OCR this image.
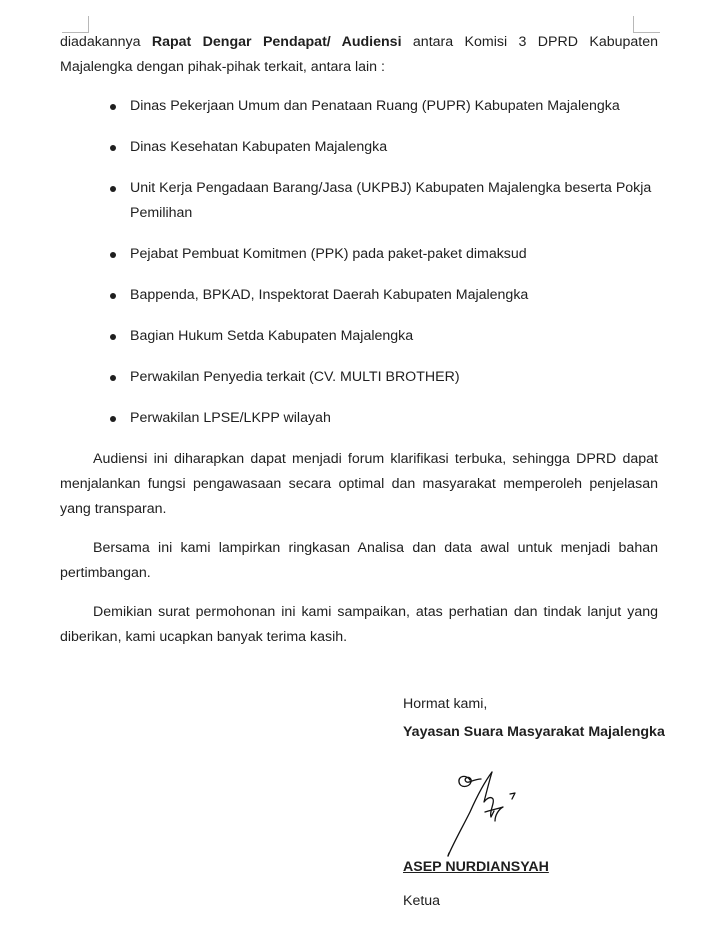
diadakannya Rapat Dengar Pendapat/ Audiensi antara Komisi 3 DPRD Kabupaten Majalengka dengan pihak-pihak terkait, antara lain :

Dinas Pekerjaan Umum dan Penataan Ruang (PUPR) Kabupaten Majalengka
Dinas Kesehatan Kabupaten Majalengka
Unit Kerja Pengadaan Barang/Jasa (UKPBJ) Kabupaten Majalengka beserta Pokja Pemilihan
Pejabat Pembuat Komitmen (PPK) pada paket-paket dimaksud
Bappenda, BPKAD, Inspektorat Daerah Kabupaten Majalengka
Bagian Hukum Setda Kabupaten Majalengka
Perwakilan Penyedia terkait (CV. MULTI BROTHER)
Perwakilan LPSE/LKPP wilayah

Audiensi ini diharapkan dapat menjadi forum klarifikasi terbuka, sehingga DPRD dapat menjalankan fungsi pengawasaan secara optimal dan masyarakat memperoleh penjelasan yang transparan.

Bersama ini kami lampirkan ringkasan Analisa dan data awal untuk menjadi bahan pertimbangan.

Demikian surat permohonan ini kami sampaikan, atas perhatian dan tindak lanjut yang diberikan, kami ucapkan banyak terima kasih.

Hormat kami,
Yayasan Suara Masyarakat Majalengka
ASEP NURDIANSYAH
Ketua
